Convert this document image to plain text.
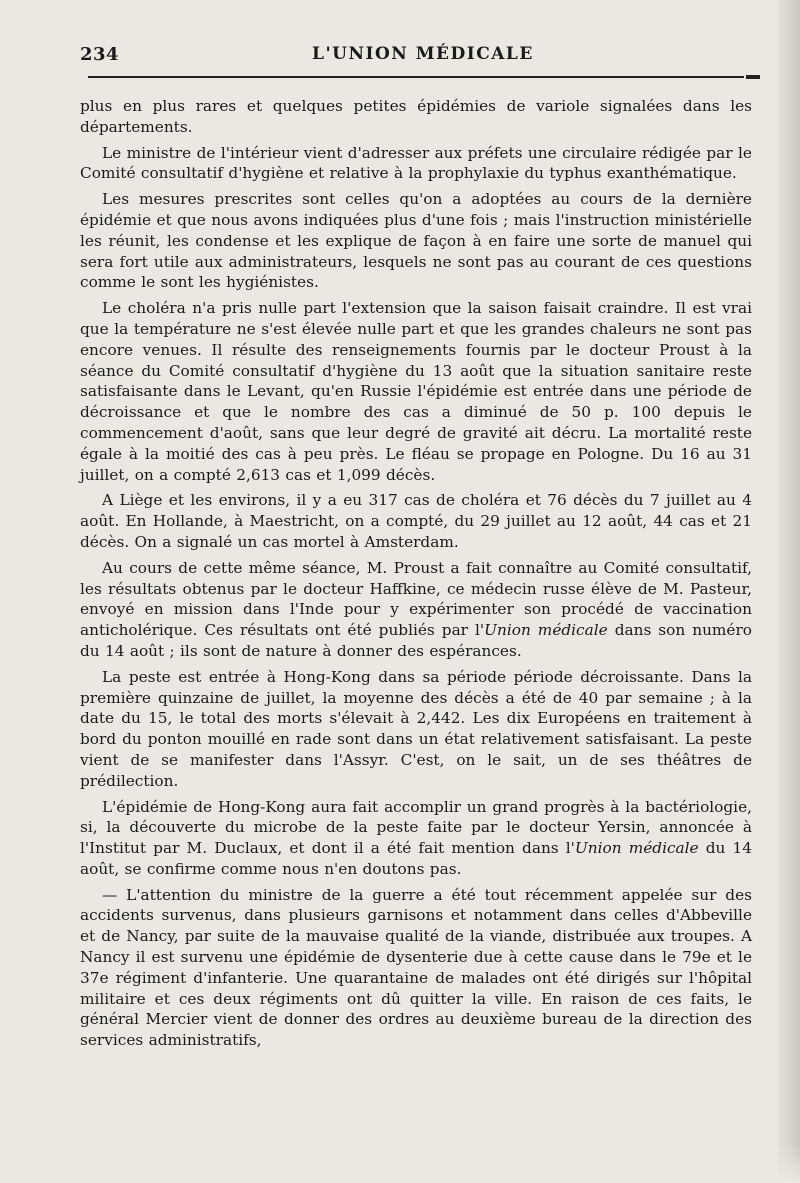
234	L'UNION MÉDICALE

plus en plus rares et quelques petites épidémies de variole signalées dans les départements.

Le ministre de l'intérieur vient d'adresser aux préfets une circulaire rédigée par le Comité consultatif d'hygiène et relative à la prophylaxie du typhus exanthématique.

Les mesures prescrites sont celles qu'on a adoptées au cours de la dernière épidémie et que nous avons indiquées plus d'une fois ; mais l'instruction ministérielle les réunit, les condense et les explique de façon à en faire une sorte de manuel qui sera fort utile aux administrateurs, lesquels ne sont pas au courant de ces questions comme le sont les hygiénistes.

Le choléra n'a pris nulle part l'extension que la saison faisait craindre. Il est vrai que la température ne s'est élevée nulle part et que les grandes chaleurs ne sont pas encore venues. Il résulte des renseignements fournis par le docteur Proust à la séance du Comité consultatif d'hygiène du 13 août que la situation sanitaire reste satisfaisante dans le Levant, qu'en Russie l'épidémie est entrée dans une période de décroissance et que le nombre des cas a diminué de 50 p. 100 depuis le commencement d'août, sans que leur degré de gravité ait décru. La mortalité reste égale à la moitié des cas à peu près. Le fléau se propage en Pologne. Du 16 au 31 juillet, on a compté 2,613 cas et 1,099 décès.

A Liège et les environs, il y a eu 317 cas de choléra et 76 décès du 7 juillet au 4 août. En Hollande, à Maestricht, on a compté, du 29 juillet au 12 août, 44 cas et 21 décès. On a signalé un cas mortel à Amsterdam.

Au cours de cette même séance, M. Proust a fait connaître au Comité consultatif, les résultats obtenus par le docteur Haffkine, ce médecin russe élève de M. Pasteur, envoyé en mission dans l'Inde pour y expérimenter son procédé de vaccination anticholérique. Ces résultats ont été publiés par l'Union médicale dans son numéro du 14 août ; ils sont de nature à donner des espérances.

La peste est entrée à Hong-Kong dans sa période période décroissante. Dans la première quinzaine de juillet, la moyenne des décès a été de 40 par semaine ; à la date du 15, le total des morts s'élevait à 2,442. Les dix Européens en traitement à bord du ponton mouillé en rade sont dans un état relativement satisfaisant. La peste vient de se manifester dans l'Assyr. C'est, on le sait, un de ses théâtres de prédilection.

L'épidémie de Hong-Kong aura fait accomplir un grand progrès à la bactériologie, si, la découverte du microbe de la peste faite par le docteur Yersin, annoncée à l'Institut par M. Duclaux, et dont il a été fait mention dans l'Union médicale du 14 août, se confirme comme nous n'en doutons pas.

— L'attention du ministre de la guerre a été tout récemment appelée sur des accidents survenus, dans plusieurs garnisons et notamment dans celles d'Abbeville et de Nancy, par suite de la mauvaise qualité de la viande, distribuée aux troupes. A Nancy il est survenu une épidémie de dysenterie due à cette cause dans le 79e et le 37e régiment d'infanterie. Une quarantaine de malades ont été dirigés sur l'hôpital militaire et ces deux régiments ont dû quitter la ville. En raison de ces faits, le général Mercier vient de donner des ordres au deuxième bureau de la direction des services administratifs,
